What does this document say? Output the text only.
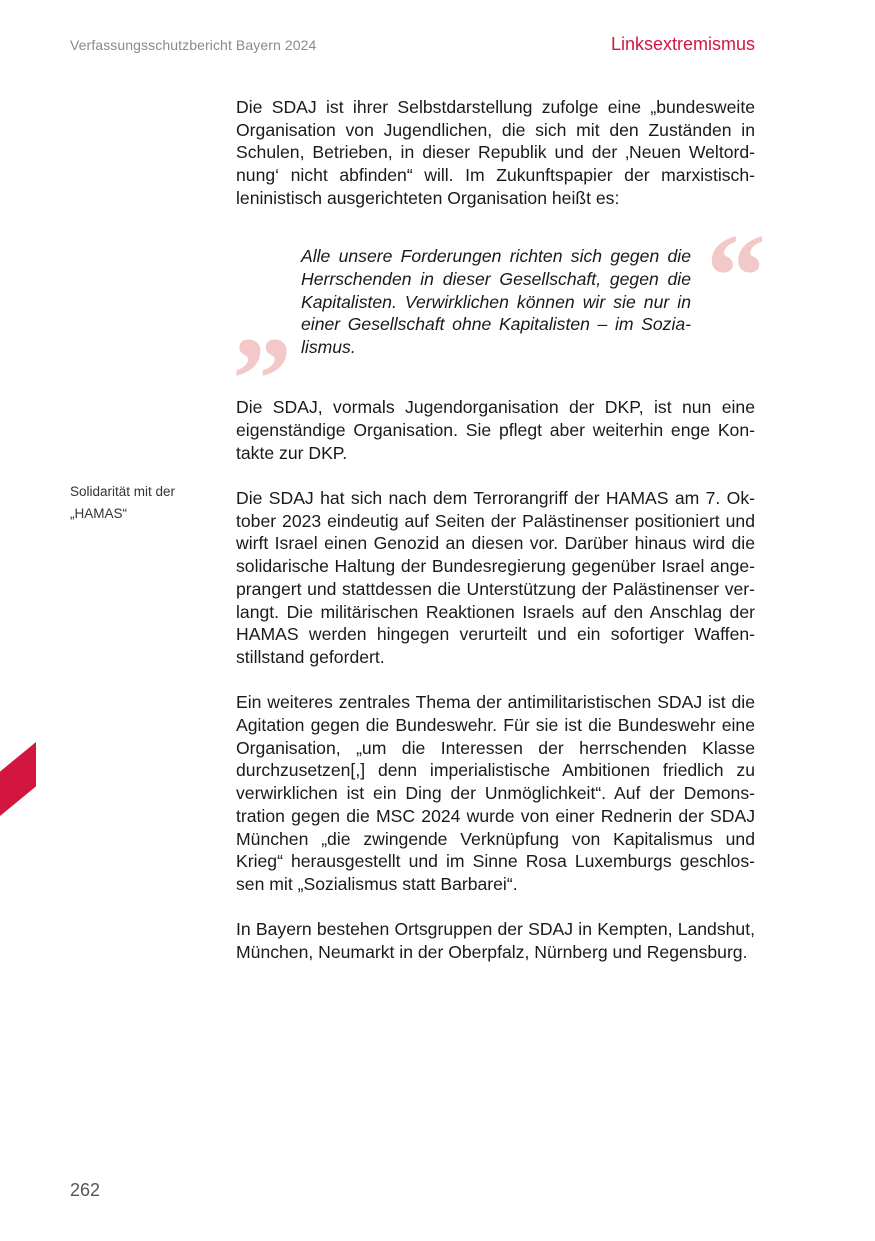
Verfassungsschutzbericht Bayern 2024	Linksextremismus

Die SDAJ ist ihrer Selbstdarstellung zufolge eine „bundesweite Organisation von Jugendlichen, die sich mit den Zuständen in Schulen, Betrieben, in dieser Republik und der ‚Neuen Weltordnung‘ nicht abfinden“ will. Im Zukunftspapier der marxistisch-leninistisch ausgerichteten Organisation heißt es:

“
Alle unsere Forderungen richten sich gegen die Herrschenden in dieser Gesellschaft, gegen die Kapitalisten. Verwirklichen können wir sie nur in einer Gesellschaft ohne Kapitalisten – im Sozialismus.
”

Die SDAJ, vormals Jugendorganisation der DKP, ist nun eine eigenständige Organisation. Sie pflegt aber weiterhin enge Kontakte zur DKP.

Die SDAJ hat sich nach dem Terrorangriff der HAMAS am 7. Oktober 2023 eindeutig auf Seiten der Palästinenser positioniert und wirft Israel einen Genozid an diesen vor. Darüber hinaus wird die solidarische Haltung der Bundesregierung gegenüber Israel angeprangert und stattdessen die Unterstützung der Palästinenser verlangt. Die militärischen Reaktionen Israels auf den Anschlag der HAMAS werden hingegen verurteilt und ein sofortiger Waffenstillstand gefordert.

Ein weiteres zentrales Thema der antimilitaristischen SDAJ ist die Agitation gegen die Bundeswehr. Für sie ist die Bundeswehr eine Organisation, „um die Interessen der herrschenden Klasse durchzusetzen[,] denn imperialistische Ambitionen friedlich zu verwirklichen ist ein Ding der Unmöglichkeit“. Auf der Demonstration gegen die MSC 2024 wurde von einer Rednerin der SDAJ München „die zwingende Verknüpfung von Kapitalismus und Krieg“ herausgestellt und im Sinne Rosa Luxemburgs geschlossen mit „Sozialismus statt Barbarei“.

In Bayern bestehen Ortsgruppen der SDAJ in Kempten, Landshut, München, Neumarkt in der Oberpfalz, Nürnberg und Regensburg.

Solidarität mit der
„HAMAS“
262
